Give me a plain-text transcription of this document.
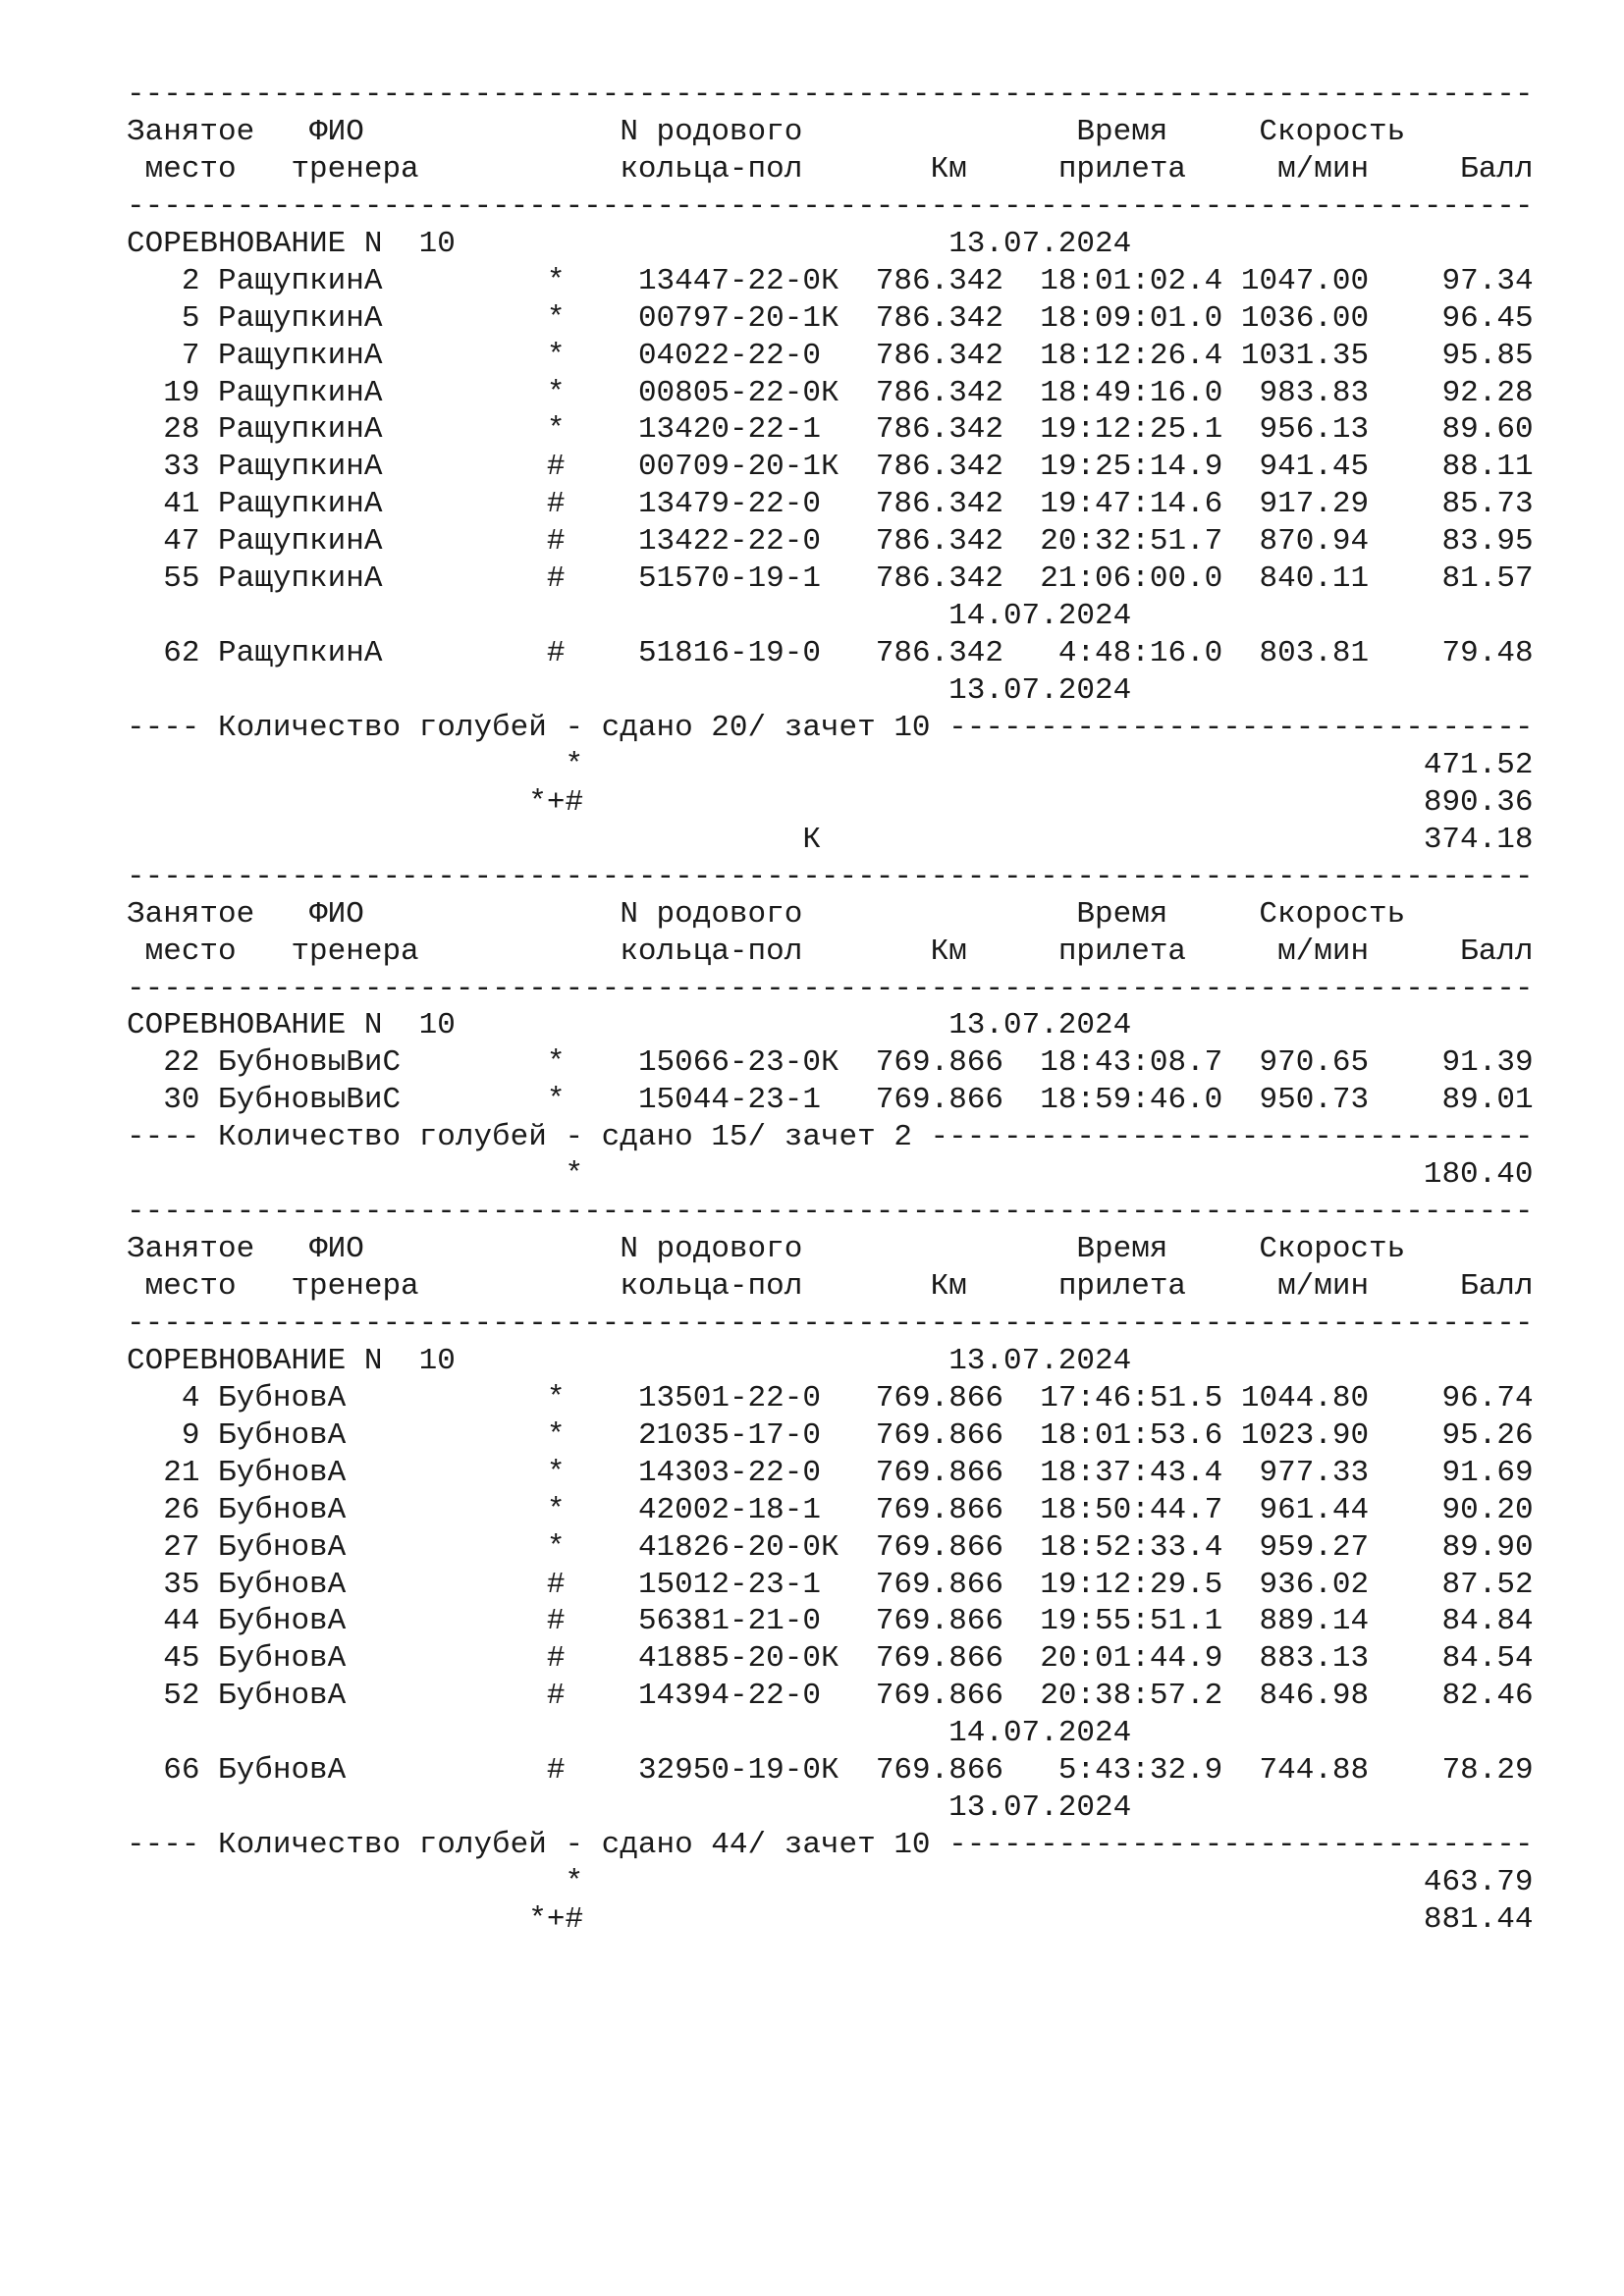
-----------------------------------------------------------------------------
Занятое ФИО	N родового	Время	Скорость
место тренера	кольца-пол	Км	прилета	м/мин	Балл
-----------------------------------------------------------------------------
СОРЕВНОВАНИЕ N 10	13.07.2024
2 РащупкинА	* 13447-22-0К 786.342 18:01:02.4 1047.00 97.34
5 РащупкинА	* 00797-20-1К 786.342 18:09:01.0 1036.00 96.45
7 РащупкинА	* 04022-22-0 786.342 18:12:26.4 1031.35 95.85
19 РащупкинА	* 00805-22-0К 786.342 18:49:16.0 983.83 92.28
28 РащупкинА	* 13420-22-1 786.342 19:12:25.1 956.13 89.60
33 РащупкинА	# 00709-20-1К 786.342 19:25:14.9 941.45 88.11
41 РащупкинА	# 13479-22-0 786.342 19:47:14.6 917.29 85.73
47 РащупкинА	# 13422-22-0 786.342 20:32:51.7 870.94 83.95
55 РащупкинА	# 51570-19-1 786.342 21:06:00.0 840.11 81.57
14.07.2024
62 РащупкинА	# 51816-19-0 786.342 4:48:16.0 803.81 79.48
13.07.2024
---- Количество голубей - сдано 20/ зачет 10 --------------------------------
*	471.52
*+#	890.36
К	374.18
-----------------------------------------------------------------------------
Занятое ФИО	N родового	Время	Скорость
место тренера	кольца-пол	Км	прилета	м/мин	Балл
-----------------------------------------------------------------------------
СОРЕВНОВАНИЕ N 10	13.07.2024
22 БубновыВиС	* 15066-23-0К 769.866 18:43:08.7 970.65 91.39
30 БубновыВиС	* 15044-23-1 769.866 18:59:46.0 950.73 89.01
---- Количество голубей - сдано 15/ зачет 2 ---------------------------------
*	180.40
-----------------------------------------------------------------------------
Занятое ФИО	N родового	Время	Скорость
место тренера	кольца-пол	Км	прилета	м/мин	Балл
-----------------------------------------------------------------------------
СОРЕВНОВАНИЕ N 10	13.07.2024
4 БубновА	* 13501-22-0 769.866 17:46:51.5 1044.80 96.74
9 БубновА	* 21035-17-0 769.866 18:01:53.6 1023.90 95.26
21 БубновА	* 14303-22-0 769.866 18:37:43.4 977.33 91.69
26 БубновА	* 42002-18-1 769.866 18:50:44.7 961.44 90.20
27 БубновА	* 41826-20-0К 769.866 18:52:33.4 959.27 89.90
35 БубновА	# 15012-23-1 769.866 19:12:29.5 936.02 87.52
44 БубновА	# 56381-21-0 769.866 19:55:51.1 889.14 84.84
45 БубновА	# 41885-20-0К 769.866 20:01:44.9 883.13 84.54
52 БубновА	# 14394-22-0 769.866 20:38:57.2 846.98 82.46
14.07.2024
66 БубновА	# 32950-19-0К 769.866 5:43:32.9 744.88 78.29
13.07.2024
---- Количество голубей - сдано 44/ зачет 10 --------------------------------
*	463.79
*+#	881.44
